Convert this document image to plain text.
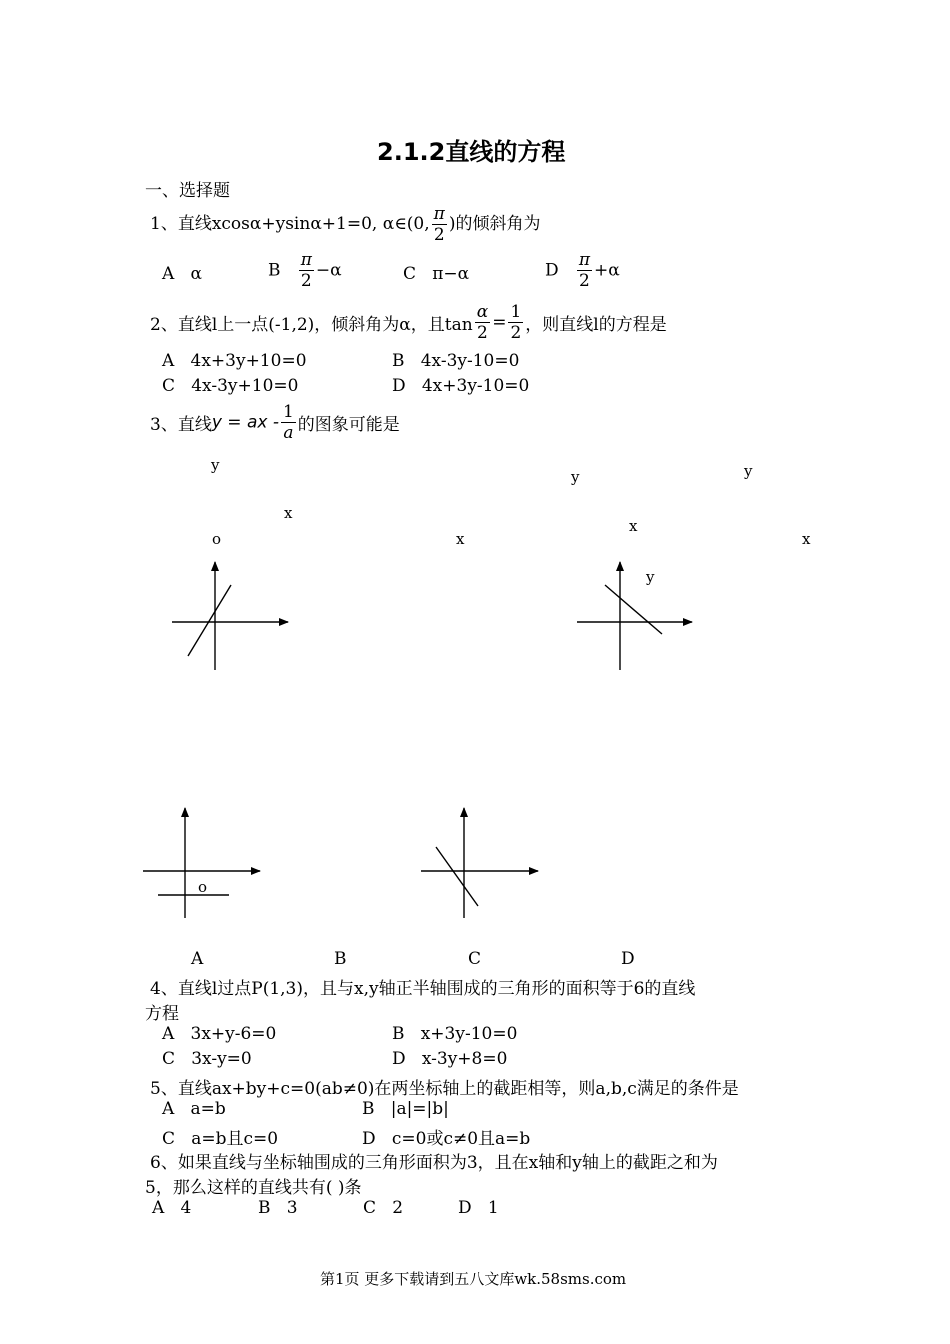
2.1.2直线的方程
一、选择题
1、直线xcosα+ysinα+1=0, α∈(0, $\frac{\pi}{2}$ )的倾斜角为
A α	B $\frac{\pi}{2} -\alpha$	C π−α	D $\frac{\pi}{2} +\alpha$
2、直线l上一点(-1,2)，倾斜角为α，且$\tan \frac{\alpha}{2} = \frac{1}{2}$ ，则直线l的方程是
A 4x+3y+10=0	B 4x-3y-10=0
C 4x-3y+10=0	D 4x+3y-10=0
3、直线y = ax - $\frac{1}{a}$ 的图象可能是
y
y	y
x
o	x
x
x
y
o
A	B	C	D
4、直线l过点P(1,3)，且与x,y轴正半轴围成的三角形的面积等于6的直线
方程
A 3x+y-6=0	B x+3y-10=0
C 3x-y=0	D x-3y+8=0
5、直线ax+by+c=0(ab≠0)在两坐标轴上的截距相等，则a,b,c满足的条件是
A a=b	B |a|=|b|
C a=b且c=0	D c=0或c≠0且a=b
6、如果直线与坐标轴围成的三角形面积为3，且在x轴和y轴上的截距之和为
5，那么这样的直线共有( )条
A 4	B 3	C 2	D 1
第1页 更多下载请到五八文库wk.58sms.com
